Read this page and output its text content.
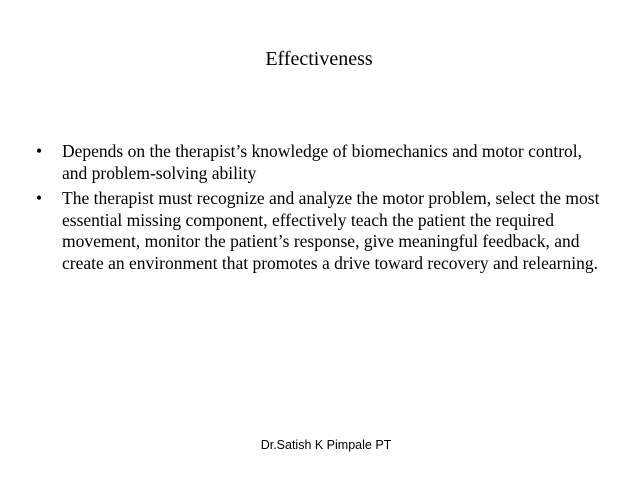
Effectiveness
•	Depends on the therapist’s knowledge of biomechanics and motor control, and problem-solving ability
•	The therapist must recognize and analyze the motor problem, select the most essential missing component, effectively teach the patient the required movement, monitor the patient’s response, give meaningful feedback, and create an environment that promotes a drive toward recovery and relearning.
Dr.Satish K Pimpale PT
